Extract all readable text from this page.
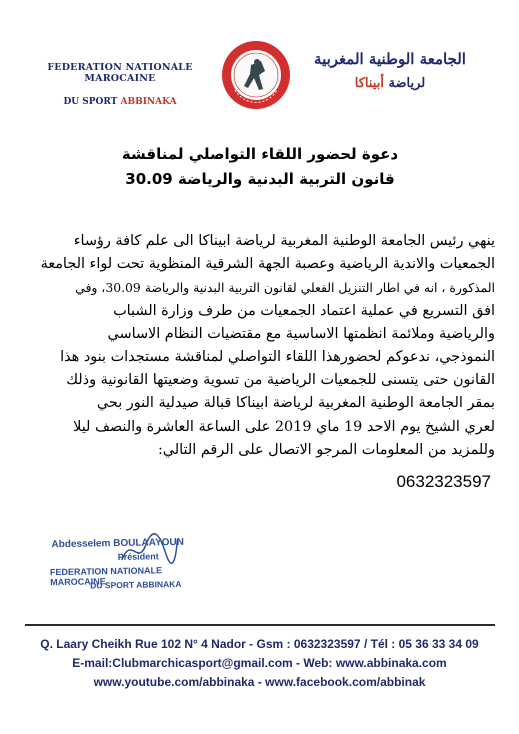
FEDERATION NATIONALE MAROCAINE
DU SPORT ABBINAKA
الجامعة الوطنية المغربية
لرياضة أبيناكا
دعوة لحضور اللقاء التواصلي لمناقشة
قانون التربية البدنية والرياضة 30.09
ينهي رئيس الجامعة الوطنية المغربية لرياضة ابيناكا الى علم كافة رؤساء
الجمعيات والاندية الرياضية وعصبة الجهة الشرقية المنظوية تحت لواء الجامعة
المذكورة ، انه في اطار التنزيل الفعلي لقانون التربية البدنية والرياضة 30.09، وفي
افق التسريع في عملية اعتماد الجمعيات من طرف وزارة الشباب
والرياضية وملائمة انظمتها الاساسية مع مقتضيات النظام الاساسي
النموذجي، ندعوكم لحضورهذا اللقاء التواصلي لمناقشة مستجدات بنود هذا
القانون حتى يتسنى للجمعيات الرياضية من تسوية وضعيتها القانونية وذلك
بمقر الجامعة الوطنية المغربية لرياضة ابيناكا قبالة صيدلية النور بحي
لعري الشيخ يوم الاحد 19 ماي 2019 على الساعة العاشرة والنصف ليلا
وللمزيد من المعلومات المرجو الاتصال على الرقم التالي:
0632323597
Abdesselem BOULAAYOUN
Président
FEDERATION NATIONALE MAROCAINE
DU SPORT ABBINAKA
Q. Laary Cheikh Rue 102 N° 4 Nador - Gsm : 0632323597 / Tél : 05 36 33 34 09
E-mail:Clubmarchicasport@gmail.com - Web: www.abbinaka.com
www.youtube.com/abbinaka - www.facebook.com/abbinak
